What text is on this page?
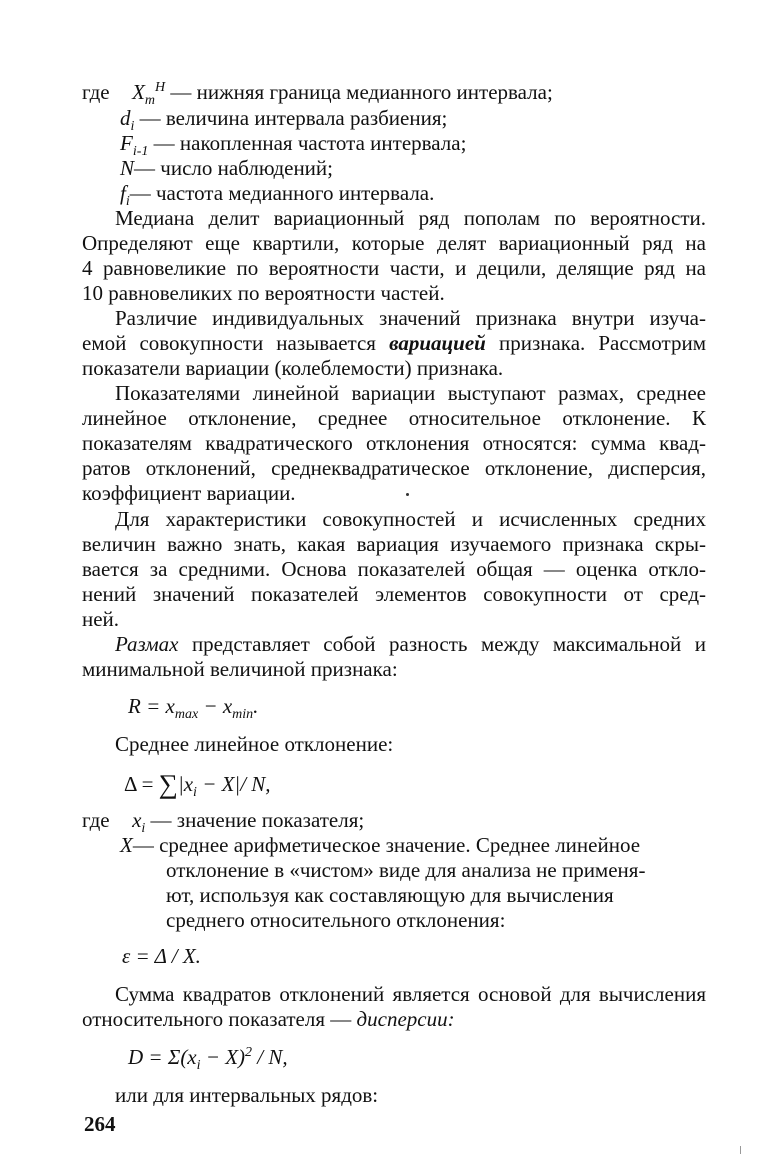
где $X_m^H$ — нижняя граница медианного интервала;
$d_i$ — величина интервала разбиения;
$F_{i-1}$ — накопленная частота интервала;
N— число наблюдений;
$f_i—$ частота медианного интервала.
Медиана делит вариационный ряд пополам по вероятности.
Определяют еще квартили, которые делят вариационный ряд на
4 равновеликие по вероятности части, и децили, делящие ряд на
10 равновеликих по вероятности частей.
Различие индивидуальных значений признака внутри изуча-
емой совокупности называется вариацией признака. Рассмотрим
показатели вариации (колеблемости) признака.
Показателями линейной вариации выступают размах, среднее
линейное отклонение, среднее относительное отклонение. К
показателям квадратического отклонения относятся: сумма квад-
ратов отклонений, среднеквадратическое отклонение, дисперсия,
коэффициент вариации.
Для характеристики совокупностей и исчисленных средних
величин важно знать, какая вариация изучаемого признака скры-
вается за средними. Основа показателей общая — оценка откло-
нений значений показателей элементов совокупности от сред-
ней.
Размах представляет собой разность между максимальной и
минимальной величиной признака:
$R = x_{max} - x_{min}$.
Среднее линейное отклонение:
$\Delta = \sum|x_i - X|/$ N,
где $x_i$ — значение показателя;
X— среднее арифметическое значение. Среднее линейное
отклонение в «чистом» виде для анализа не применя-
ют, используя как составляющую для вычисления
среднего относительного отклонения:
ε = Δ / X.
Сумма квадратов отклонений является основой для вычисления
относительного показателя — дисперсии:
$D = \Sigma(x_i - X)^2 / N$,
или для интервальных рядов:
264
